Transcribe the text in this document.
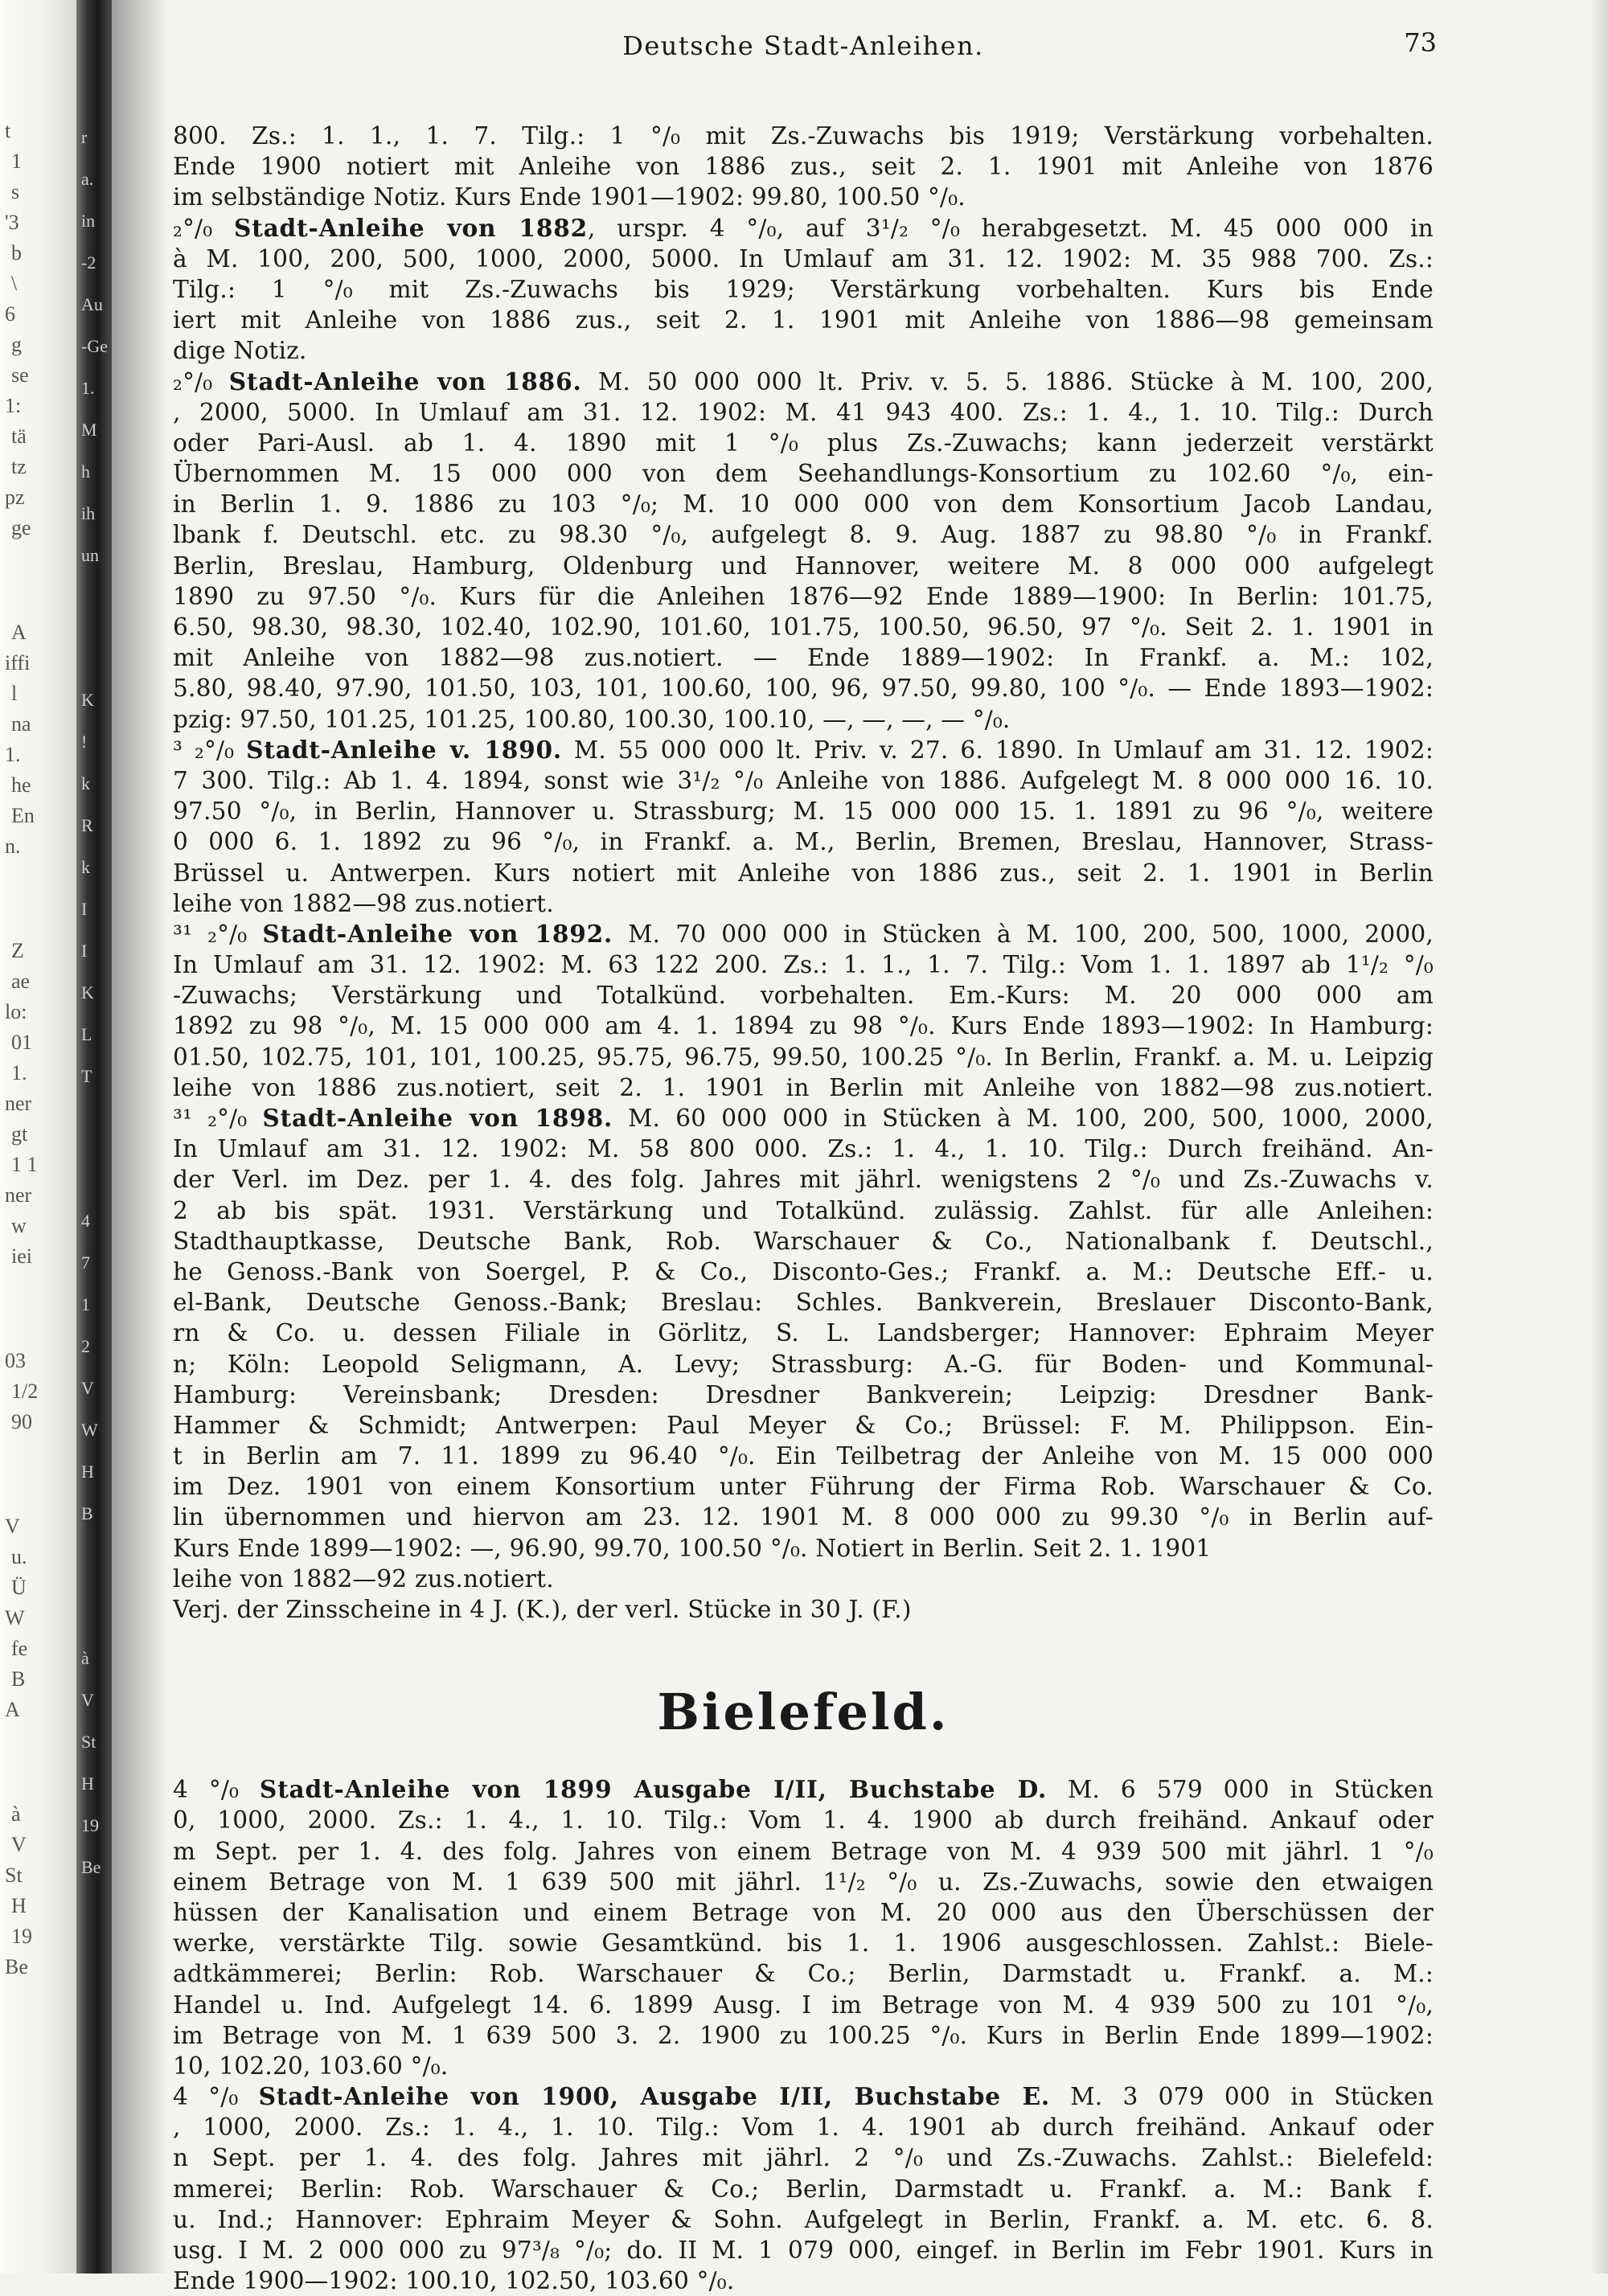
t
1
s
'3
b
\
6
g
se
1:
tä
tz
pz
ge
A
iffi
l
na
1.
he
En
n.
Z
ae
lo:
01
1.
ner
gt
1 1
ner
w
iei
03
1/2
90
V
u.
Ü
W
fe
B
A
à
V
St
H
19
Be
r
a.
in
-2
Au
-Ge
1.
M
h
ih
un
K
!
k
R
k
I
I
K
L
T
4
7
1
2
V
W
H
B
à
V
St
H
19
Be
Deutsche Stadt-Anleihen.	73
800. Zs.: 1. 1., 1. 7. Tilg.: 1 °/₀ mit Zs.-Zuwachs bis 1919; Verstärkung vorbehalten.
Ende 1900 notiert mit Anleihe von 1886 zus., seit 2. 1. 1901 mit Anleihe von 1876
im selbständige Notiz. Kurs Ende 1901—1902: 99.80, 100.50 °/₀.
₂°/₀ Stadt-Anleihe von 1882, urspr. 4 °/₀, auf 3¹/₂ °/₀ herabgesetzt. M. 45 000 000 in
à M. 100, 200, 500, 1000, 2000, 5000. In Umlauf am 31. 12. 1902: M. 35 988 700. Zs.:
Tilg.: 1 °/₀ mit Zs.-Zuwachs bis 1929; Verstärkung vorbehalten. Kurs bis Ende
iert mit Anleihe von 1886 zus., seit 2. 1. 1901 mit Anleihe von 1886—98 gemeinsam
dige Notiz.
₂°/₀ Stadt-Anleihe von 1886. M. 50 000 000 lt. Priv. v. 5. 5. 1886. Stücke à M. 100, 200,
, 2000, 5000. In Umlauf am 31. 12. 1902: M. 41 943 400. Zs.: 1. 4., 1. 10. Tilg.: Durch
oder Pari-Ausl. ab 1. 4. 1890 mit 1 °/₀ plus Zs.-Zuwachs; kann jederzeit verstärkt
Übernommen M. 15 000 000 von dem Seehandlungs-Konsortium zu 102.60 °/₀, ein-
in Berlin 1. 9. 1886 zu 103 °/₀; M. 10 000 000 von dem Konsortium Jacob Landau,
lbank f. Deutschl. etc. zu 98.30 °/₀, aufgelegt 8. 9. Aug. 1887 zu 98.80 °/₀ in Frankf.
Berlin, Breslau, Hamburg, Oldenburg und Hannover, weitere M. 8 000 000 aufgelegt
1890 zu 97.50 °/₀. Kurs für die Anleihen 1876—92 Ende 1889—1900: In Berlin: 101.75,
6.50, 98.30, 98.30, 102.40, 102.90, 101.60, 101.75, 100.50, 96.50, 97 °/₀. Seit 2. 1. 1901 in
mit Anleihe von 1882—98 zus.notiert. — Ende 1889—1902: In Frankf. a. M.: 102,
5.80, 98.40, 97.90, 101.50, 103, 101, 100.60, 100, 96, 97.50, 99.80, 100 °/₀. — Ende 1893—1902:
pzig: 97.50, 101.25, 101.25, 100.80, 100.30, 100.10, —, —, —, — °/₀.
³ ₂°/₀ Stadt-Anleihe v. 1890. M. 55 000 000 lt. Priv. v. 27. 6. 1890. In Umlauf am 31. 12. 1902:
7 300. Tilg.: Ab 1. 4. 1894, sonst wie 3¹/₂ °/₀ Anleihe von 1886. Aufgelegt M. 8 000 000 16. 10.
97.50 °/₀, in Berlin, Hannover u. Strassburg; M. 15 000 000 15. 1. 1891 zu 96 °/₀, weitere
0 000 6. 1. 1892 zu 96 °/₀, in Frankf. a. M., Berlin, Bremen, Breslau, Hannover, Strass-
Brüssel u. Antwerpen. Kurs notiert mit Anleihe von 1886 zus., seit 2. 1. 1901 in Berlin
leihe von 1882—98 zus.notiert.
³¹ ₂°/₀ Stadt-Anleihe von 1892. M. 70 000 000 in Stücken à M. 100, 200, 500, 1000, 2000,
In Umlauf am 31. 12. 1902: M. 63 122 200. Zs.: 1. 1., 1. 7. Tilg.: Vom 1. 1. 1897 ab 1¹/₂ °/₀
-Zuwachs; Verstärkung und Totalkünd. vorbehalten. Em.-Kurs: M. 20 000 000 am
1892 zu 98 °/₀, M. 15 000 000 am 4. 1. 1894 zu 98 °/₀. Kurs Ende 1893—1902: In Hamburg:
01.50, 102.75, 101, 101, 100.25, 95.75, 96.75, 99.50, 100.25 °/₀. In Berlin, Frankf. a. M. u. Leipzig
leihe von 1886 zus.notiert, seit 2. 1. 1901 in Berlin mit Anleihe von 1882—98 zus.notiert.
³¹ ₂°/₀ Stadt-Anleihe von 1898. M. 60 000 000 in Stücken à M. 100, 200, 500, 1000, 2000,
In Umlauf am 31. 12. 1902: M. 58 800 000. Zs.: 1. 4., 1. 10. Tilg.: Durch freihänd. An-
der Verl. im Dez. per 1. 4. des folg. Jahres mit jährl. wenigstens 2 °/₀ und Zs.-Zuwachs v.
2 ab bis spät. 1931. Verstärkung und Totalkünd. zulässig. Zahlst. für alle Anleihen:
Stadthauptkasse, Deutsche Bank, Rob. Warschauer & Co., Nationalbank f. Deutschl.,
he Genoss.-Bank von Soergel, P. & Co., Disconto-Ges.; Frankf. a. M.: Deutsche Eff.- u.
el-Bank, Deutsche Genoss.-Bank; Breslau: Schles. Bankverein, Breslauer Disconto-Bank,
rn & Co. u. dessen Filiale in Görlitz, S. L. Landsberger; Hannover: Ephraim Meyer
n; Köln: Leopold Seligmann, A. Levy; Strassburg: A.-G. für Boden- und Kommunal-
Hamburg: Vereinsbank; Dresden: Dresdner Bankverein; Leipzig: Dresdner Bank-
Hammer & Schmidt; Antwerpen: Paul Meyer & Co.; Brüssel: F. M. Philippson. Ein-
t in Berlin am 7. 11. 1899 zu 96.40 °/₀. Ein Teilbetrag der Anleihe von M. 15 000 000
im Dez. 1901 von einem Konsortium unter Führung der Firma Rob. Warschauer & Co.
lin übernommen und hiervon am 23. 12. 1901 M. 8 000 000 zu 99.30 °/₀ in Berlin auf-
Kurs Ende 1899—1902: —, 96.90, 99.70, 100.50 °/₀. Notiert in Berlin. Seit 2. 1. 1901
leihe von 1882—92 zus.notiert.
Verj. der Zinsscheine in 4 J. (K.), der verl. Stücke in 30 J. (F.)
Bielefeld.
4 °/₀ Stadt-Anleihe von 1899 Ausgabe I/II, Buchstabe D. M. 6 579 000 in Stücken
0, 1000, 2000. Zs.: 1. 4., 1. 10. Tilg.: Vom 1. 4. 1900 ab durch freihänd. Ankauf oder
m Sept. per 1. 4. des folg. Jahres von einem Betrage von M. 4 939 500 mit jährl. 1 °/₀
einem Betrage von M. 1 639 500 mit jährl. 1¹/₂ °/₀ u. Zs.-Zuwachs, sowie den etwaigen
hüssen der Kanalisation und einem Betrage von M. 20 000 aus den Überschüssen der
werke, verstärkte Tilg. sowie Gesamtkünd. bis 1. 1. 1906 ausgeschlossen. Zahlst.: Biele-
adtkämmerei; Berlin: Rob. Warschauer & Co.; Berlin, Darmstadt u. Frankf. a. M.:
Handel u. Ind. Aufgelegt 14. 6. 1899 Ausg. I im Betrage von M. 4 939 500 zu 101 °/₀,
im Betrage von M. 1 639 500 3. 2. 1900 zu 100.25 °/₀. Kurs in Berlin Ende 1899—1902:
10, 102.20, 103.60 °/₀.
4 °/₀ Stadt-Anleihe von 1900, Ausgabe I/II, Buchstabe E. M. 3 079 000 in Stücken
, 1000, 2000. Zs.: 1. 4., 1. 10. Tilg.: Vom 1. 4. 1901 ab durch freihänd. Ankauf oder
n Sept. per 1. 4. des folg. Jahres mit jährl. 2 °/₀ und Zs.-Zuwachs. Zahlst.: Bielefeld:
mmerei; Berlin: Rob. Warschauer & Co.; Berlin, Darmstadt u. Frankf. a. M.: Bank f.
u. Ind.; Hannover: Ephraim Meyer & Sohn. Aufgelegt in Berlin, Frankf. a. M. etc. 6. 8.
usg. I M. 2 000 000 zu 97³/₈ °/₀; do. II M. 1 079 000, eingef. in Berlin im Febr 1901. Kurs in
Ende 1900—1902: 100.10, 102.50, 103.60 °/₀.
